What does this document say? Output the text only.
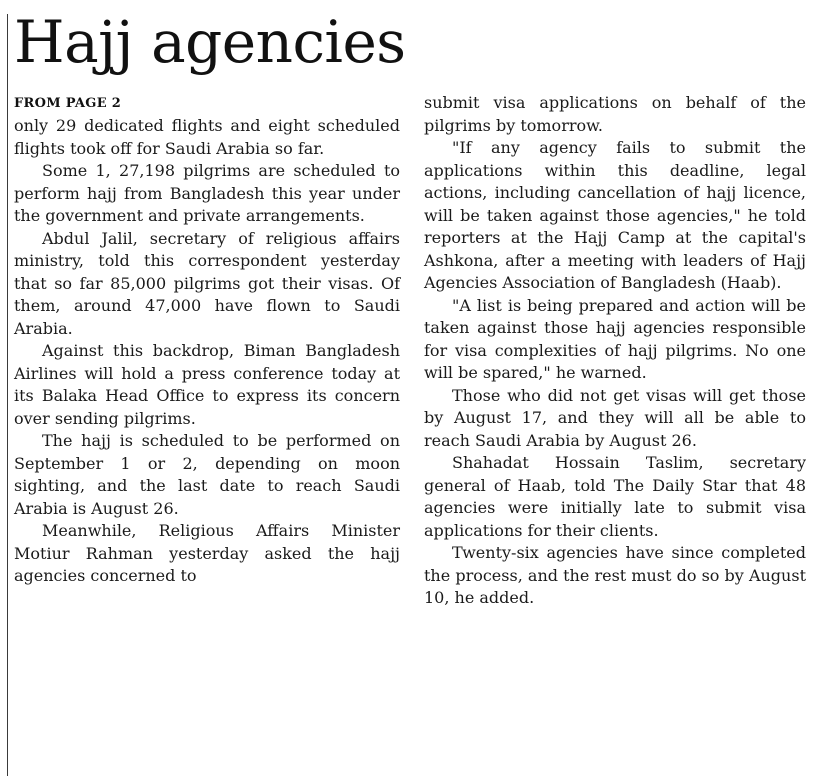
Hajj agencies
FROM PAGE 2

only 29 dedicated flights and eight scheduled flights took off for Saudi Arabia so far.

Some 1, 27,198 pilgrims are scheduled to perform hajj from Bangladesh this year under the government and private arrangements.

Abdul Jalil, secretary of religious affairs ministry, told this correspondent yesterday that so far 85,000 pilgrims got their visas. Of them, around 47,000 have flown to Saudi Arabia.

Against this backdrop, Biman Bangladesh Airlines will hold a press conference today at its Balaka Head Office to express its concern over sending pilgrims.

The hajj is scheduled to be performed on September 1 or 2, depending on moon sighting, and the last date to reach Saudi Arabia is August 26.

Meanwhile, Religious Affairs Minister Motiur Rahman yesterday asked the hajj agencies concerned to

submit visa applications on behalf of the pilgrims by tomorrow.

"If any agency fails to submit the applications within this deadline, legal actions, including cancellation of hajj licence, will be taken against those agencies," he told reporters at the Hajj Camp at the capital's Ashkona, after a meeting with leaders of Hajj Agencies Association of Bangladesh (Haab).

"A list is being prepared and action will be taken against those hajj agencies responsible for visa complexities of hajj pilgrims. No one will be spared," he warned.

Those who did not get visas will get those by August 17, and they will all be able to reach Saudi Arabia by August 26.

Shahadat Hossain Taslim, secretary general of Haab, told The Daily Star that 48 agencies were initially late to submit visa applications for their clients.

Twenty-six agencies have since completed the process, and the rest must do so by August 10, he added.
